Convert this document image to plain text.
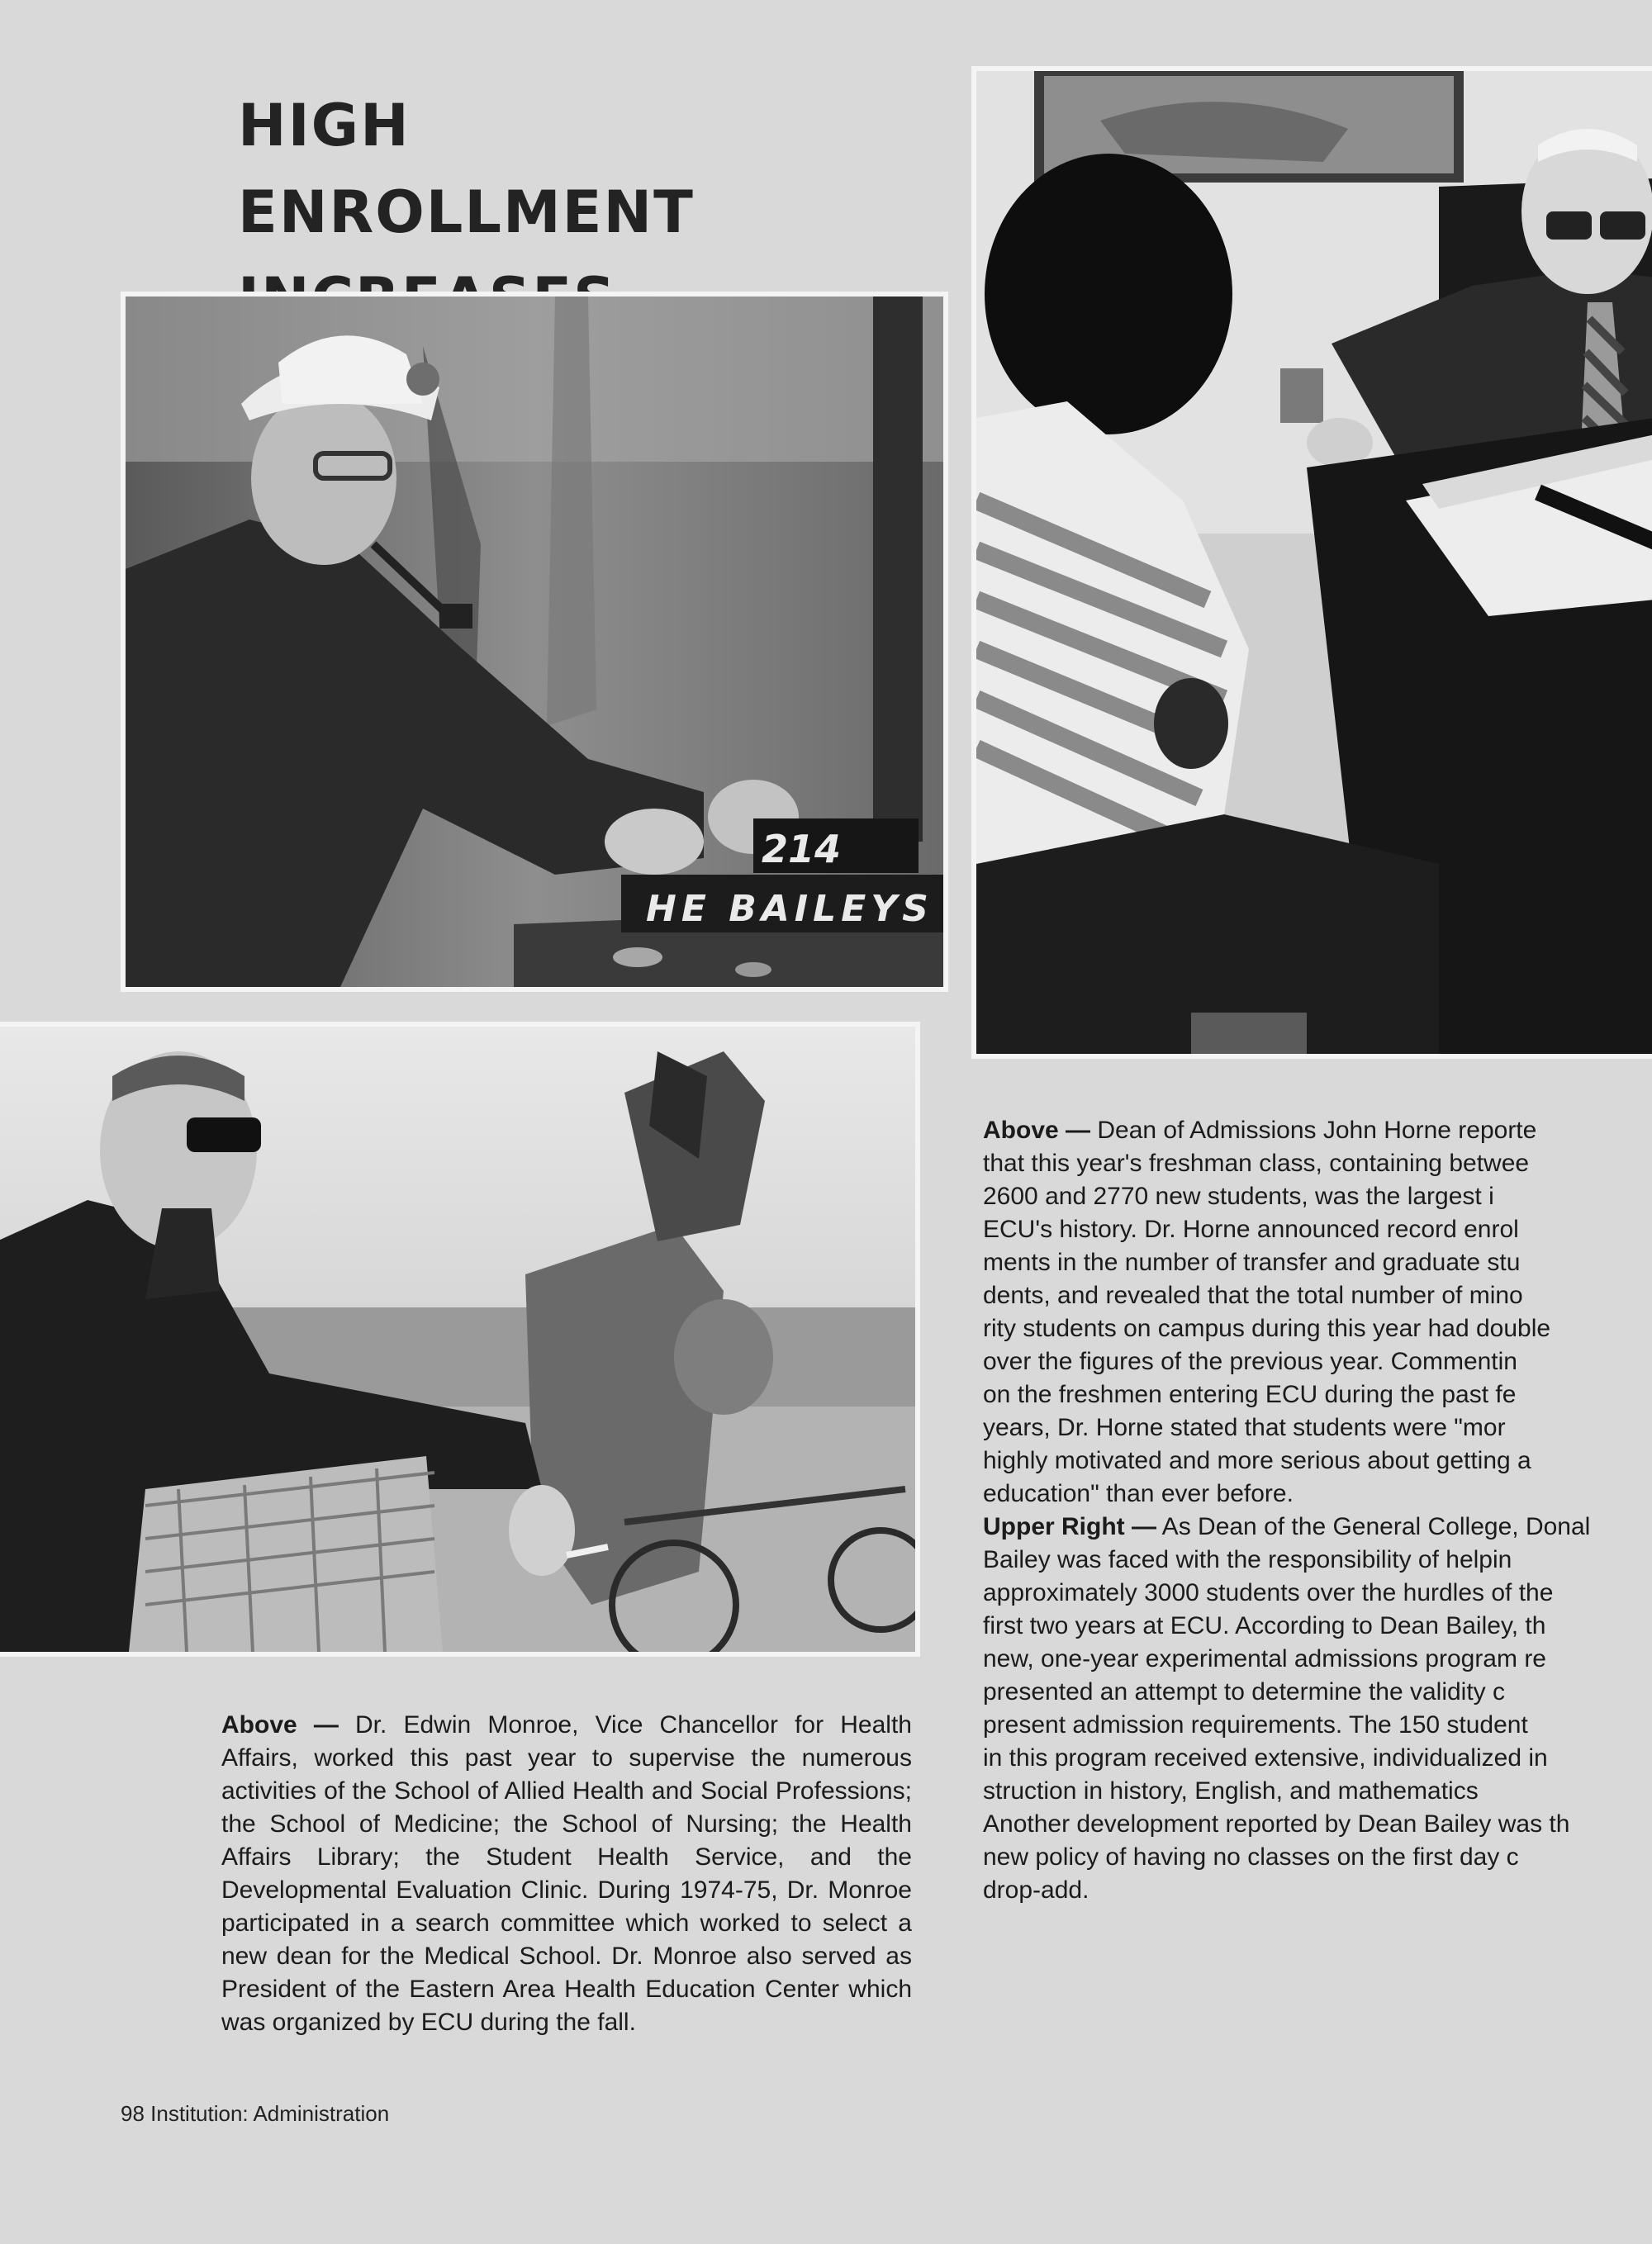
HIGH ENROLLMENT
214
HE BAILEYS

Above — Dr. Edwin Monroe, Vice Chancellor for Health Affairs, worked this past year to supervise the numerous activities of the School of Allied Health and Social Professions; the School of Medicine; the School of Nursing; the Health Affairs Library; the Student Health Service, and the Developmental Evaluation Clinic. During 1974-75, Dr. Monroe participated in a search committee which worked to select a new dean for the Medical School. Dr. Monroe also served as President of the Eastern Area Health Education Center which was organized by ECU during the fall.

Above — Dean of Admissions John Horne reporte
that this year's freshman class, containing betwee
2600 and 2770 new students, was the largest i
ECU's history. Dr. Horne announced record enrol
ments in the number of transfer and graduate stu
dents, and revealed that the total number of mino
rity students on campus during this year had double
over the figures of the previous year. Commentin
on the freshmen entering ECU during the past fe
years, Dr. Horne stated that students were "mor
highly motivated and more serious about getting a
education" than ever before.

Upper Right — As Dean of the General College, Donal
Bailey was faced with the responsibility of helpin
approximately 3000 students over the hurdles of the
first two years at ECU. According to Dean Bailey, th
new, one-year experimental admissions program re
presented an attempt to determine the validity c
present admission requirements. The 150 student
in this program received extensive, individualized in
struction in history, English, and mathematics
Another development reported by Dean Bailey was th
new policy of having no classes on the first day c
drop-add.

98 Institution: Administration
